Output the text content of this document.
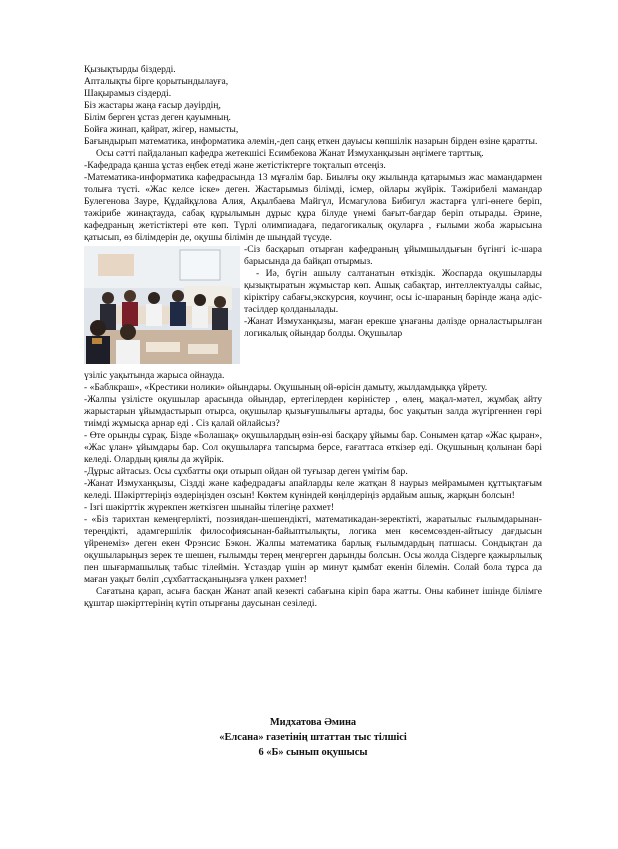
Қызықтырды біздерді.
Апталықты бірге қорытындылауға,
Шақырамыз сіздерді.
Біз жастары жаңа ғасыр дәуірдің,
Білім берген ұстаз деген қауымның.
Бойға жинап, қайрат, жігер, намысты,
Бағындырып математика, информатика әлемін,-деп саңқ еткен дауысы көпшілік назарын бірден өзіне қаратты.
Осы сәтті пайдаланып кафедра жетекшісі Есимбекова Жанат Измуханқызын әңгімеге тарттық.
-Кафедрада қанша ұстаз еңбек етеді және жетістіктерге тоқталып өтсеңіз.
-Математика-информатика кафедрасында 13 мұғалім бар. Биылғы оқу жылында қатарымыз жас мамандармен толыға түсті. «Жас келсе іске» деген. Жастарымыз білімді, ісмер, ойлары жүйрік. Тәжірибелі мамандар Булегенова Зауре, Құдайқұлова Алия, Ақылбаева Майгүл, Исмагулова Бибигул жастарға үлгі-өнеге беріп, тәжірибе жинақтауда, сабақ құрылымын дұрыс құра білуде үнемі бағыт-бағдар беріп отырады. Әрине, кафедраның жетістіктері өте көп. Түрлі олимпиадаға, педагогикалық оқуларға , ғылыми жоба жарысына қатысып, өз білімдерін де, оқушы білімін де шыңдай түсуде.
-Сіз басқарып отырған кафедраның ұйымшылдығын бүгінгі іс-шара барысында да байқап отырмыз.
- Иә, бүгін ашылу салтанатын өткіздік. Жоспарда оқушыларды қызықтыратын жұмыстар көп. Ашық сабақтар, интеллектуалды сайыс, кіріктіру сабағы,экскурсия, коучинг, осы іс-шараның бәрінде жаңа әдіс-тәсілдер қолданылады.
-Жанат Измуханқызы, маған ерекше ұнағаны дәлізде орналастырылған логикалық ойындар болды. Оқушылар
үзіліс уақытында жарыса ойнауда.
- «Баблкраш», «Крестики нолики» ойындары. Оқушының ой-өрісін дамыту, жылдамдыққа үйрету.
-Жалпы үзілісте оқушылар арасында ойындар, ертегілерден көріністер , өлең, мақал-мәтел, жұмбақ айту жарыстарын ұйымдастырып отырса, оқушылар қызығушылығы артады, бос уақытын залда жүгіргеннен гөрі тиімді жұмысқа арнар еді . Сіз қалай ойлайсыз?
- Өте орынды сұрақ. Бізде «Болашақ» оқушылардың өзін-өзі басқару ұйымы бар. Сонымен қатар «Жас қыран», «Жас ұлан» ұйымдары бар. Сол оқушыларға тапсырма берсе, ғағаттаса өткізер еді. Оқушының қолынан бәрі келеді. Олардың қиялы да жүйрік.
-Дұрыс айтасыз. Осы сұхбатты оқи отырып ойдан ой туғызар деген үмітім бар.
-Жанат Измуханқызы, Сіздді және кафедрадағы апайларды келе жатқан 8 наурыз мейрамымен құттықтағым келеді. Шәкірттеріңіз өздеріңізден озсын! Көктем күніндей көңілдеріңіз әрдайым ашық, жарқын болсын!
- Ізгі шәкірттік жүрекпен жеткізген шынайы тілегіңе рахмет!
- «Біз тарихтан кемеңгерлікті, поэзиядан-шешендікті, математикадан-зеректікті, жаратылыс ғылымдарынан-тереңдікті, адамгершілік философиясынан-байыптылықты, логика мен көсемсөзден-айтысу дағдысын үйренеміз» деген екен Фрэнсис Бэкон. Жалпы математика барлық ғылымдардың патшасы. Сондықтан да оқушыларыңыз зерек те шешен, ғылымды терең меңгерген дарынды болсын. Осы жолда Сіздерге қажырлылық пен шығармашылық табыс тілеймін. Ұстаздар үшін әр минут қымбат екенін білемін. Солай бола тұрса да маған уақыт бөліп ,сұхбаттасқаныңызға үлкен рахмет!
Сағатына қарап, асыға басқан Жанат апай кезекті сабағына кіріп бара жатты. Оны кабинет ішінде білімге құштар шәкірттерінің күтіп отырғаны даусынан сезіледі.
Мидхатова Әмина
«Елсана» газетінің штаттан тыс тілшісі
6 «Б» сынып оқушысы
